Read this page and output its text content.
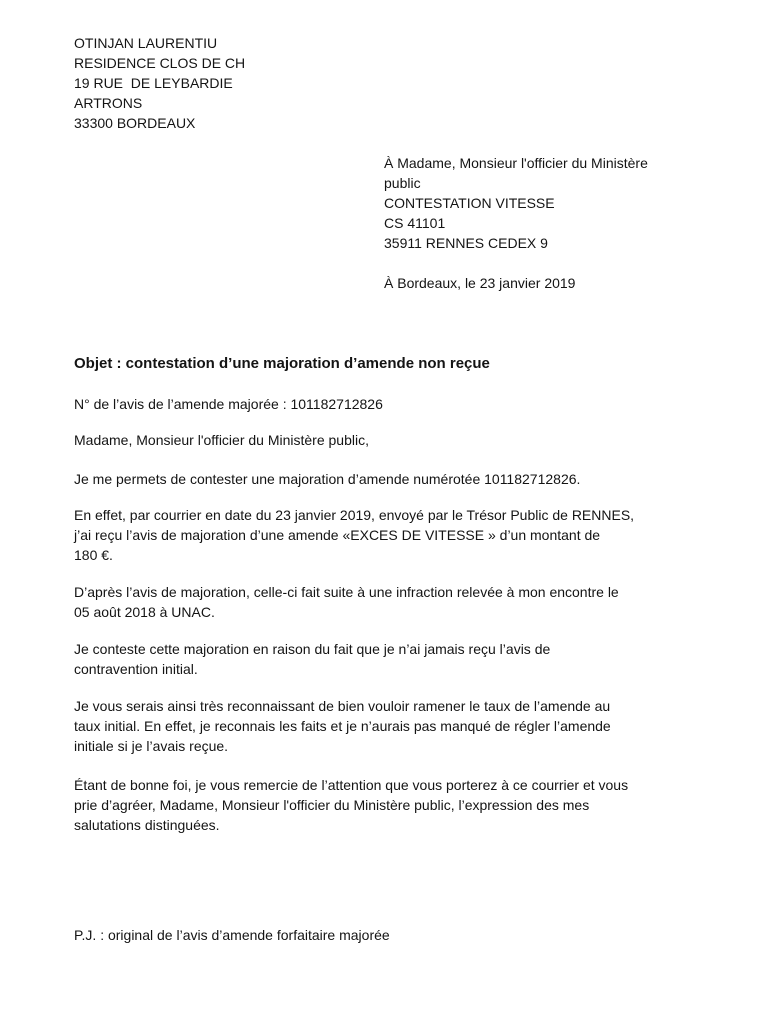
OTINJAN LAURENTIU
RESIDENCE CLOS DE CH
19 RUE  DE LEYBARDIE
ARTRONS
33300 BORDEAUX
À Madame, Monsieur l'officier du Ministère
public
CONTESTATION VITESSE
CS 41101
35911 RENNES CEDEX 9
À Bordeaux, le 23 janvier 2019
Objet : contestation d’une majoration d’amende non reçue
N° de l’avis de l’amende majorée : 101182712826
Madame, Monsieur l'officier du Ministère public,
Je me permets de contester une majoration d’amende numérotée 101182712826.
En effet, par courrier en date du 23 janvier 2019, envoyé par le Trésor Public de RENNES,
j’ai reçu l’avis de majoration d’une amende «EXCES DE VITESSE » d’un montant de
180 €.
D’après l’avis de majoration, celle-ci fait suite à une infraction relevée à mon encontre le
05 août 2018 à UNAC.
Je conteste cette majoration en raison du fait que je n’ai jamais reçu l’avis de
contravention initial.
Je vous serais ainsi très reconnaissant de bien vouloir ramener le taux de l’amende au
taux initial. En effet, je reconnais les faits et je n’aurais pas manqué de régler l’amende
initiale si je l’avais reçue.
Étant de bonne foi, je vous remercie de l’attention que vous porterez à ce courrier et vous
prie d’agréer, Madame, Monsieur l'officier du Ministère public, l’expression des mes
salutations distinguées.
P.J. : original de l’avis d’amende forfaitaire majorée
